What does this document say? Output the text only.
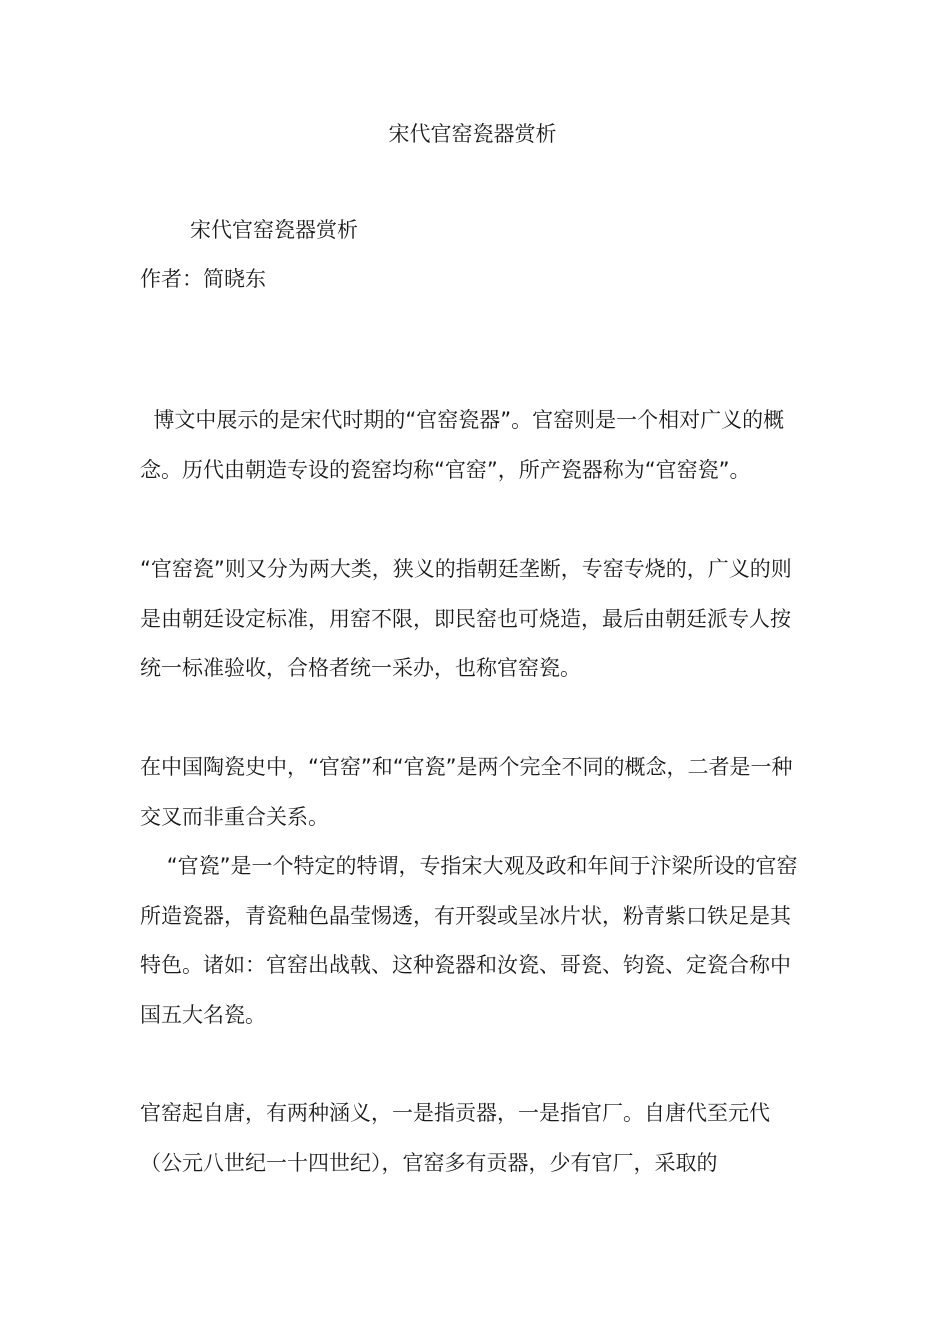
宋代官窑瓷器赏析
宋代官窑瓷器赏析
作者：简晓东

博文中展示的是宋代时期的“官窑瓷器”。官窑则是一个相对广义的概念。历代由朝造专设的瓷窑均称“官窑”，所产瓷器称为“官窑瓷”。

“官窑瓷”则又分为两大类，狭义的指朝廷垄断，专窑专烧的，广义的则是由朝廷设定标准，用窑不限，即民窑也可烧造，最后由朝廷派专人按统一标准验收，合格者统一采办，也称官窑瓷。

在中国陶瓷史中，“官窑”和“官瓷”是两个完全不同的概念，二者是一种交叉而非重合关系。

“官瓷”是一个特定的特谓，专指宋大观及政和年间于汴梁所设的官窑所造瓷器，青瓷釉色晶莹惕透，有开裂或呈冰片状，粉青紫口铁足是其特色。诸如：官窑出战戟、这种瓷器和汝瓷、哥瓷、钧瓷、定瓷合称中国五大名瓷。

官窑起自唐，有两种涵义，一是指贡器，一是指官厂。自唐代至元代（公元八世纪一十四世纪），官窑多有贡器，少有官厂，采取的
